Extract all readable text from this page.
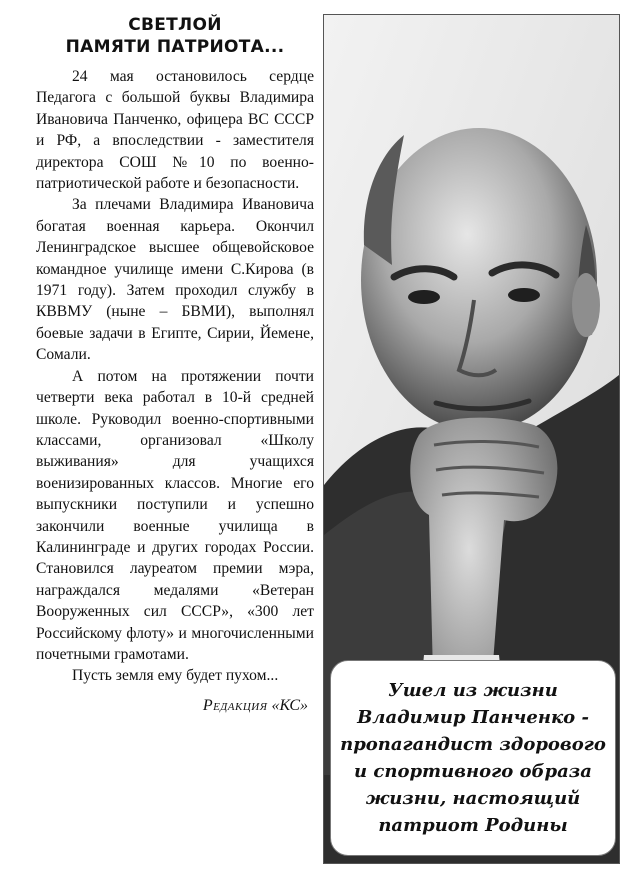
СВЕТЛОЙ
ПАМЯТИ ПАТРИОТА...

24 мая остановилось сердце Педагога с большой буквы Владимира Ивановича Панченко, офицера ВС СССР и РФ, а впоследствии - заместителя директора СОШ №10 по военно-патриотической работе и безопасности.

За плечами Владимира Ивановича богатая военная карьера. Окончил Ленинградское высшее общевойсковое командное училище имени С.Кирова (в 1971 году). Затем проходил службу в КВВМУ (ныне – БВМИ), выполнял боевые задачи в Египте, Сирии, Йемене, Сомали.

А потом на протяжении почти четверти века работал в 10-й средней школе. Руководил военно-спортивными классами, организовал «Школу выживания» для учащихся военизированных классов. Многие его выпускники поступили и успешно закончили военные училища в Калининграде и других городах России. Становился лауреатом премии мэра, награждался медалями «Ветеран Вооруженных сил СССР», «300 лет Российскому флоту» и многочисленными почетными грамотами.

Пусть земля ему будет пухом...

Редакция «КС»
Ушел из жизни
Владимир Панченко -
пропагандист здорового
и спортивного образа
жизни, настоящий
патриот Родины
